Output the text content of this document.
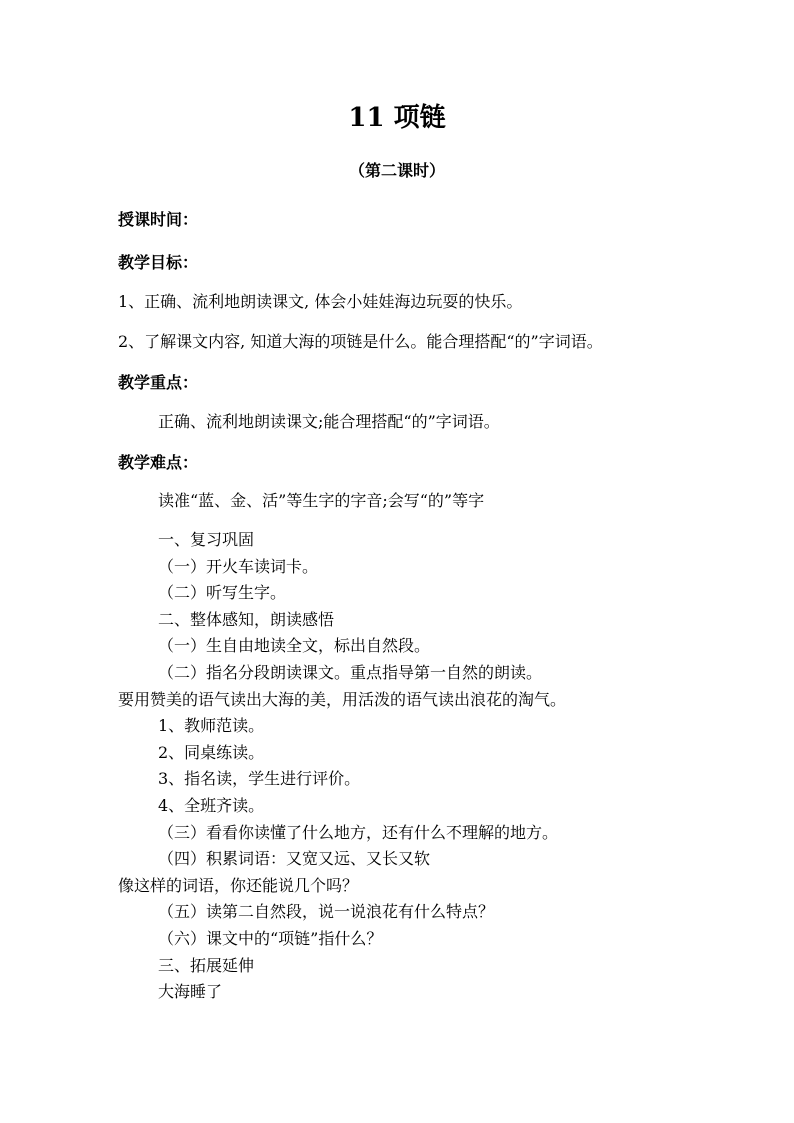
11 项链
（第二课时）
授课时间：
教学目标：
1、正确、流利地朗读课文, 体会小娃娃海边玩耍的快乐。
2、了解课文内容, 知道大海的项链是什么。能合理搭配“的”字词语。
教学重点：
正确、流利地朗读课文;能合理搭配“的”字词语。
教学难点：
读准“蓝、金、活”等生字的字音;会写“的”等字
一、复习巩固
（一）开火车读词卡。
（二）听写生字。
二、整体感知，朗读感悟
（一）生自由地读全文，标出自然段。
（二）指名分段朗读课文。重点指导第一自然的朗读。
要用赞美的语气读出大海的美，用活泼的语气读出浪花的淘气。
1、教师范读。
2、同桌练读。
3、指名读，学生进行评价。
4、全班齐读。
（三）看看你读懂了什么地方，还有什么不理解的地方。
（四）积累词语：又宽又远、又长又软
像这样的词语，你还能说几个吗？
（五）读第二自然段，说一说浪花有什么特点？
（六）课文中的“项链”指什么？
三、拓展延伸
大海睡了
